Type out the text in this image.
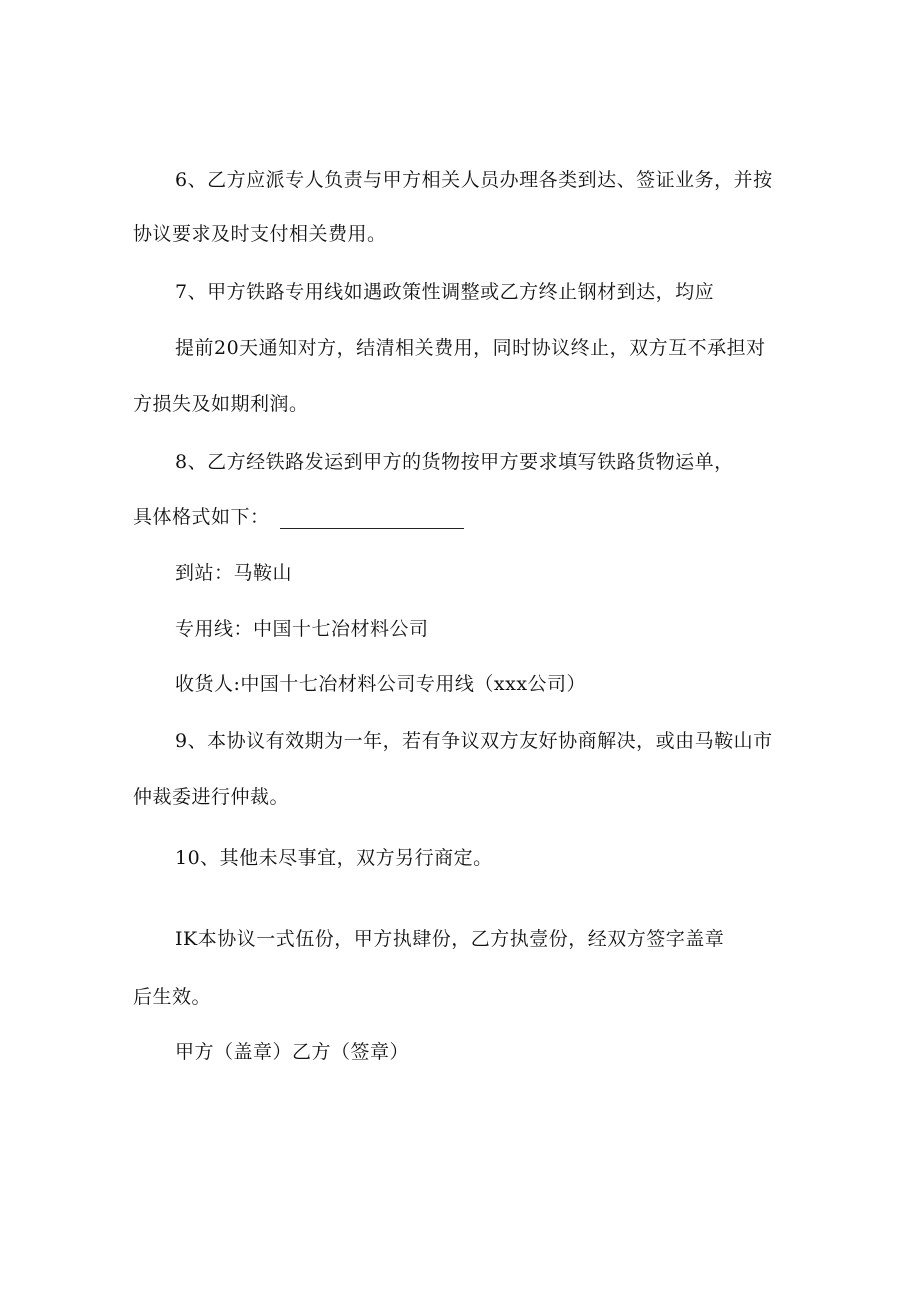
6、乙方应派专人负责与甲方相关人员办理各类到达、签证业务，并按
协议要求及时支付相关费用。
7、甲方铁路专用线如遇政策性调整或乙方终止钢材到达，均应
提前20天通知对方，结清相关费用，同时协议终止，双方互不承担对
方损失及如期利润。
8、乙方经铁路发运到甲方的货物按甲方要求填写铁路货物运单，
具体格式如下：
到站：马鞍山
专用线：中国十七冶材料公司
收货人:中国十七冶材料公司专用线（xxx公司）
9、本协议有效期为一年，若有争议双方友好协商解决，或由马鞍山市
仲裁委进行仲裁。
10、其他未尽事宜，双方另行商定。
IK本协议一式伍份，甲方执肆份，乙方执壹份，经双方签字盖章
后生效。
甲方（盖章）乙方（签章）
